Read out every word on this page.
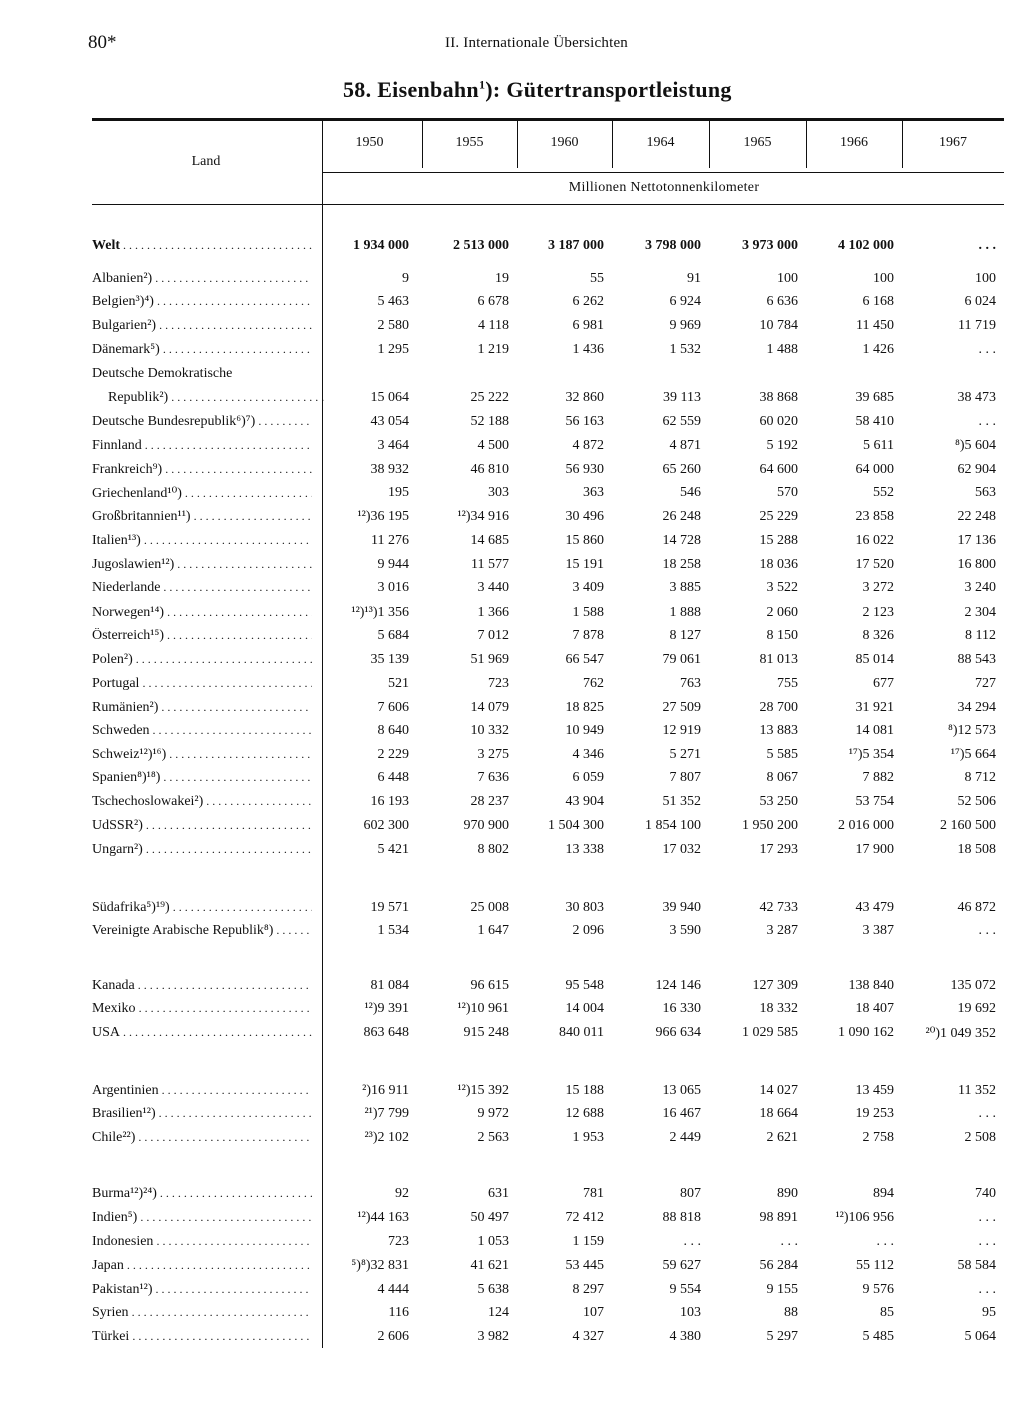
80*	II. Internationale Übersichten
58. Eisenbahn$^1$): Gütertransportleistung
Land
Millionen Nettotonnenkilometer
1950	1955	1960	1964	1965	1966	1967
Welt . . .	1 934 000	2 513 000	3 187 000	3 798 000	3 973 000	4 102 000	. . .
Albanien²) . . .	9	19	55	91	100	100	100
Belgien³)⁴) . . .	5 463	6 678	6 262	6 924	6 636	6 168	6 024
Bulgarien²) . . .	2 580	4 118	6 981	9 969	10 784	11 450	11 719
Dänemark⁵) . . .	1 295	1 219	1 436	1 532	1 488	1 426	. . .
Deutsche Demokratische
Republik²) . . .	15 064	25 222	32 860	39 113	38 868	39 685	38 473
Deutsche Bundesrepublik⁶)⁷) . . .	43 054	52 188	56 163	62 559	60 020	58 410	. . .
Finnland . . .	3 464	4 500	4 872	4 871	5 192	5 611	⁸)5 604
Frankreich⁹) . . .	38 932	46 810	56 930	65 260	64 600	64 000	62 904
Griechenland¹⁰) . . .	195	303	363	546	570	552	563
Großbritannien¹¹) . . .	¹²)36 195	¹²)34 916	30 496	26 248	25 229	23 858	22 248
Italien¹³) . . .	11 276	14 685	15 860	14 728	15 288	16 022	17 136
Jugoslawien¹²) . . .	9 944	11 577	15 191	18 258	18 036	17 520	16 800
Niederlande . . .	3 016	3 440	3 409	3 885	3 522	3 272	3 240
Norwegen¹⁴) . . .	¹²)¹³)1 356	1 366	1 588	1 888	2 060	2 123	2 304
Österreich¹⁵) . . .	5 684	7 012	7 878	8 127	8 150	8 326	8 112
Polen²) . . .	35 139	51 969	66 547	79 061	81 013	85 014	88 543
Portugal . . .	521	723	762	763	755	677	727
Rumänien²) . . .	7 606	14 079	18 825	27 509	28 700	31 921	34 294
Schweden . . .	8 640	10 332	10 949	12 919	13 883	14 081	⁸)12 573
Schweiz¹²)¹⁶) . . .	2 229	3 275	4 346	5 271	5 585	¹⁷)5 354	¹⁷)5 664
Spanien⁸)¹⁸) . . .	6 448	7 636	6 059	7 807	8 067	7 882	8 712
Tschechoslowakei²) . . .	16 193	28 237	43 904	51 352	53 250	53 754	52 506
UdSSR²) . . .	602 300	970 900	1 504 300	1 854 100	1 950 200	2 016 000	2 160 500
Ungarn²) . . .	5 421	8 802	13 338	17 032	17 293	17 900	18 508
Südafrika⁵)¹⁹) . . .	19 571	25 008	30 803	39 940	42 733	43 479	46 872
Vereinigte Arabische Republik⁸) . . .	1 534	1 647	2 096	3 590	3 287	3 387	. . .
Kanada . . .	81 084	96 615	95 548	124 146	127 309	138 840	135 072
Mexiko . . .	¹²)9 391	¹²)10 961	14 004	16 330	18 332	18 407	19 692
USA . . .	863 648	915 248	840 011	966 634	1 029 585	1 090 162	²⁰)1 049 352
Argentinien . . .	²)16 911	¹²)15 392	15 188	13 065	14 027	13 459	11 352
Brasilien¹²) . . .	²¹)7 799	9 972	12 688	16 467	18 664	19 253	. . .
Chile²²) . . .	²³)2 102	2 563	1 953	2 449	2 621	2 758	2 508
Burma¹²)²⁴) . . .	92	631	781	807	890	894	740
Indien⁵) . . .	¹²)44 163	50 497	72 412	88 818	98 891	¹²)106 956	. . .
Indonesien . . .	723	1 053	1 159	. . .	. . .	. . .	. . .
Japan . . .	⁵)⁸)32 831	41 621	53 445	59 627	56 284	55 112	58 584
Pakistan¹²) . . .	4 444	5 638	8 297	9 554	9 155	9 576	. . .
Syrien . . .	116	124	107	103	88	85	95
Türkei . . .	2 606	3 982	4 327	4 380	5 297	5 485	5 064
